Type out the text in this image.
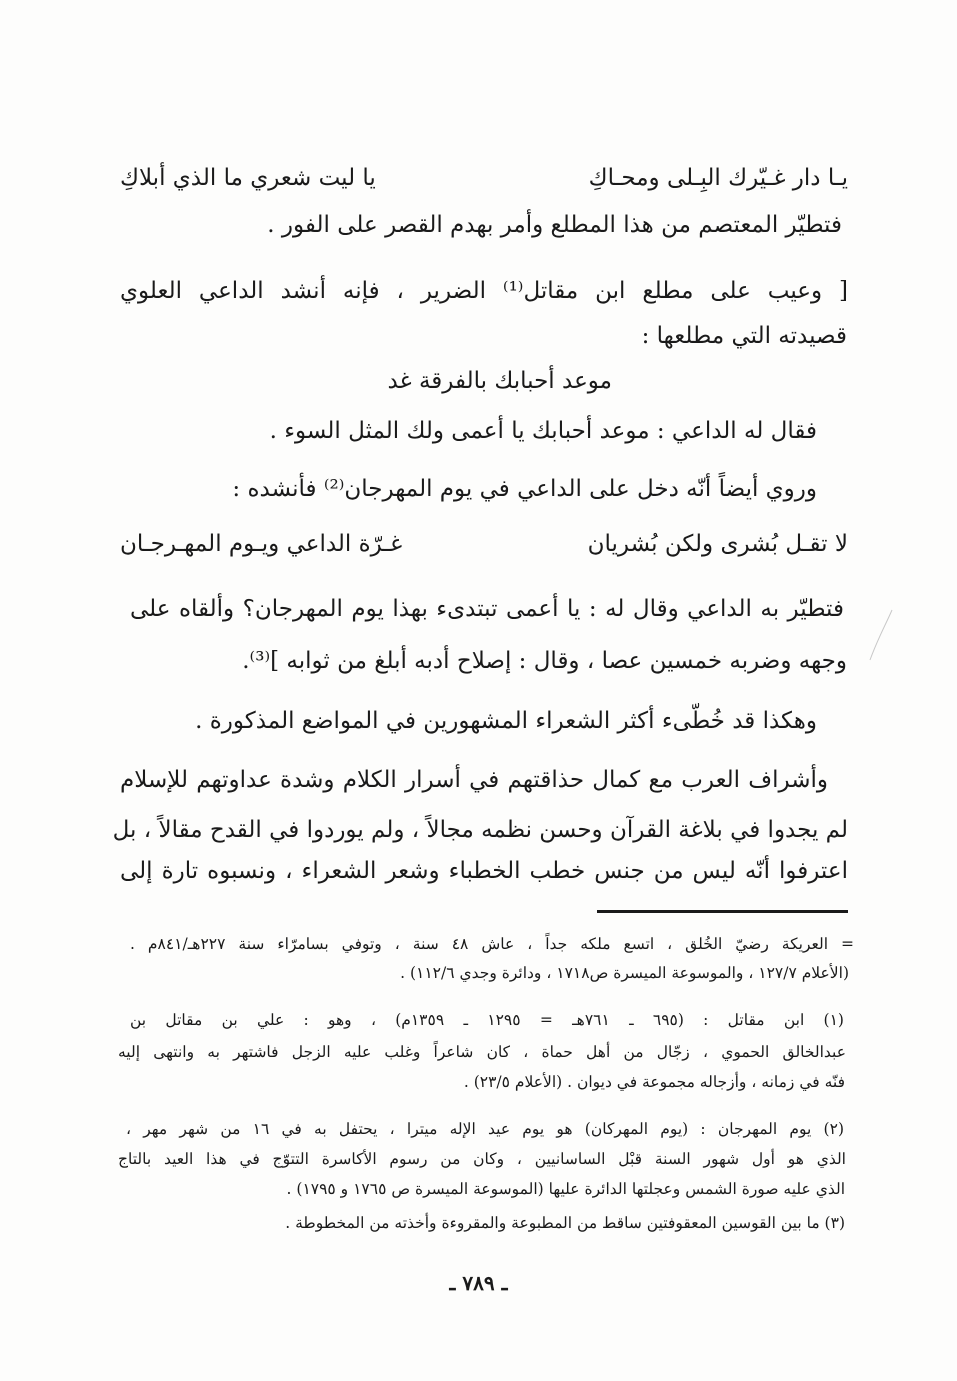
يـا دار غـيّرك البِـلى ومحـاكِ
يا ليت شعري ما الذي أبلاكِ
فتطيّر المعتصم من هذا المطلع وأمر بهدم القصر على الفور .
[ وعيب على مطلع ابن مقاتل⁽¹⁾ الضرير ، فإنه أنشد الداعي العلوي
قصيدته التي مطلعها :
موعد أحبابك بالفرقة غد
فقال له الداعي : موعد أحبابك يا أعمى ولك المثل السوء .
وروي أيضاً أنّه دخل على الداعي في يوم المهرجان⁽²⁾ فأنشده :
لا تقـل بُشرى ولكن بُشريان
غـرّة الداعي ويـوم المهـرجـان
فتطيّر به الداعي وقال له : يا أعمى تبتدىء بهذا يوم المهرجان؟ وألقاه على
وجهه وضربه خمسين عصا ، وقال : إصلاح أدبه أبلغ من ثوابه ]⁽³⁾.
وهكذا قد خُطّىء أكثر الشعراء المشهورين في المواضع المذكورة .
وأشراف العرب مع كمال حذاقتهم في أسرار الكلام وشدة عداوتهم للإسلام
لم يجدوا في بلاغة القرآن وحسن نظمه مجالاً ، ولم يوردوا في القدح مقالاً ، بل
اعترفوا أنّه ليس من جنس خطب الخطباء وشعر الشعراء ، ونسبوه تارة إلى
= العريكة رضيّ الخُلق ، اتسع ملكه جداً ، عاش ٤٨ سنة ، وتوفي بسامرّاء سنة ٢٢٧هـ/٨٤١م .
(الأعلام ١٢٧/٧ ، والموسوعة الميسرة ص١٧١٨ ، ودائرة وجدي ١١٢/٦) .
(١) ابن مقاتل : (٦٩٥ ـ ٧٦١هـ = ١٢٩٥ ـ ١٣٥٩م) ، وهو : علي بن مقاتل بن
عبدالخالق الحموي ، زجّال من أهل حماة ، كان شاعراً وغلب عليه الزجل فاشتهر به وانتهى إليه
فنّه في زمانه ، وأزجاله مجموعة في ديوان . (الأعلام ٢٣/٥) .
(٢) يوم المهرجان : (يوم المهركان) هو يوم عيد الإله ميترا ، يحتفل به في ١٦ من شهر مهر ،
الذي هو أول شهور السنة قبْل الساسانيين ، وكان من رسوم الأكاسرة التتوّج في هذا العيد بالتاج
الذي عليه صورة الشمس وعجلتها الدائرة عليها (الموسوعة الميسرة ص ١٧٦٥ و ١٧٩٥) .
(٣) ما بين القوسين المعقوفتين ساقط من المطبوعة والمقروءة وأخذته من المخطوطة .
ـ ٧٨٩ ـ
